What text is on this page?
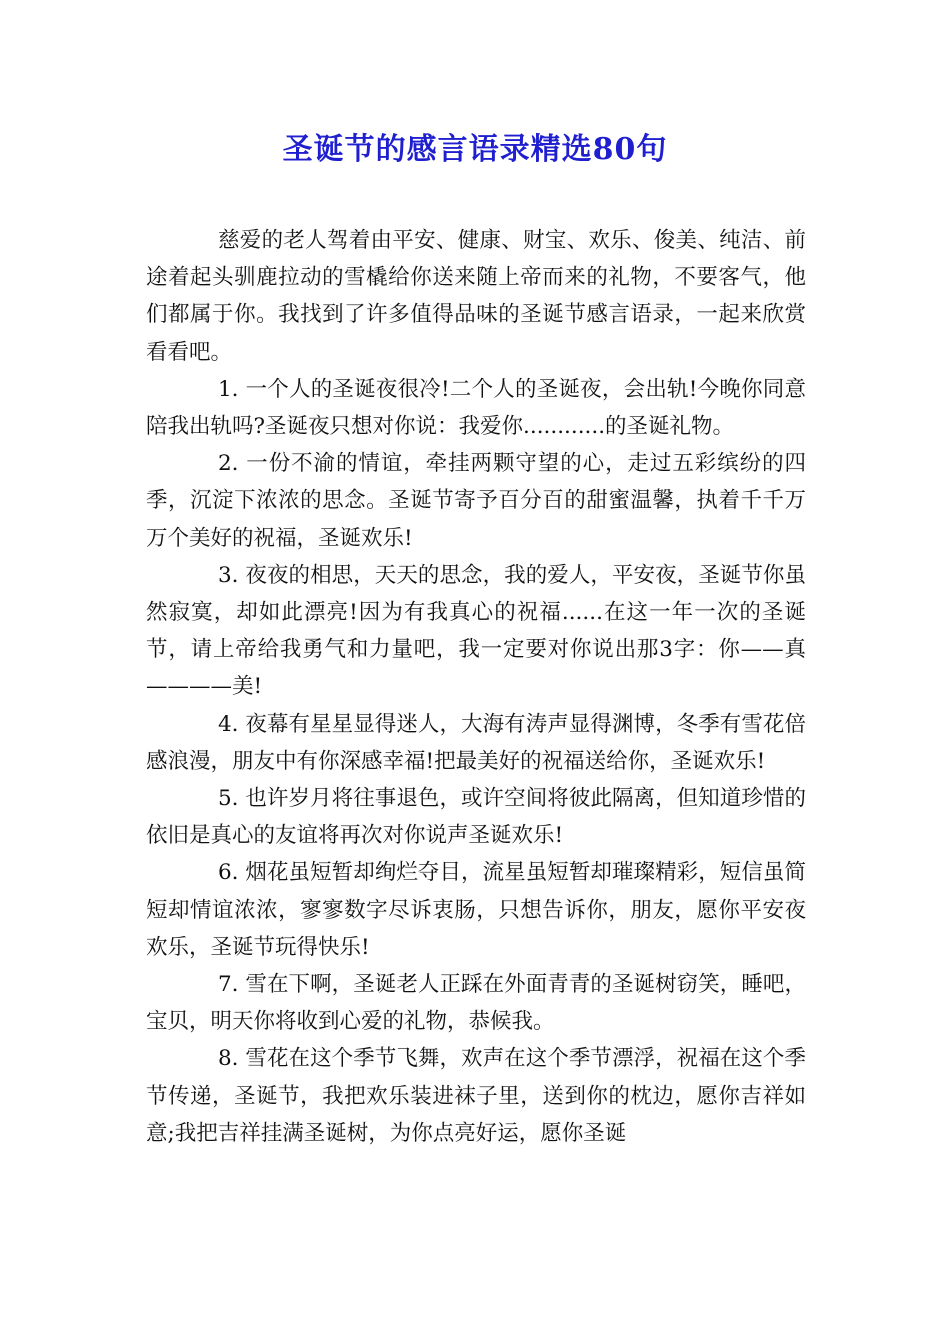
圣诞节的感言语录精选80句

慈爱的老人驾着由平安、健康、财宝、欢乐、俊美、纯洁、前途着起头驯鹿拉动的雪橇给你送来随上帝而来的礼物，不要客气，他们都属于你。我找到了许多值得品味的圣诞节感言语录，一起来欣赏看看吧。

1. 一个人的圣诞夜很冷!二个人的圣诞夜，会出轨!今晚你同意陪我出轨吗?圣诞夜只想对你说：我爱你............的圣诞礼物。

2. 一份不渝的情谊，牵挂两颗守望的心，走过五彩缤纷的四季，沉淀下浓浓的思念。圣诞节寄予百分百的甜蜜温馨，执着千千万万个美好的祝福，圣诞欢乐!

3. 夜夜的相思，天天的思念，我的爱人，平安夜，圣诞节你虽然寂寞，却如此漂亮!因为有我真心的祝福......在这一年一次的圣诞节，请上帝给我勇气和力量吧，我一定要对你说出那3字：你——真————美!

4. 夜幕有星星显得迷人，大海有涛声显得渊博，冬季有雪花倍感浪漫，朋友中有你深感幸福!把最美好的祝福送给你，圣诞欢乐!

5. 也许岁月将往事退色，或许空间将彼此隔离，但知道珍惜的依旧是真心的友谊将再次对你说声圣诞欢乐!

6. 烟花虽短暂却绚烂夺目，流星虽短暂却璀璨精彩，短信虽简短却情谊浓浓，寥寥数字尽诉衷肠，只想告诉你，朋友，愿你平安夜欢乐，圣诞节玩得快乐!

7. 雪在下啊，圣诞老人正踩在外面青青的圣诞树窃笑，睡吧，宝贝，明天你将收到心爱的礼物，恭候我。

8. 雪花在这个季节飞舞，欢声在这个季节漂浮，祝福在这个季节传递，圣诞节，我把欢乐装进袜子里，送到你的枕边，愿你吉祥如意;我把吉祥挂满圣诞树，为你点亮好运，愿你圣诞
